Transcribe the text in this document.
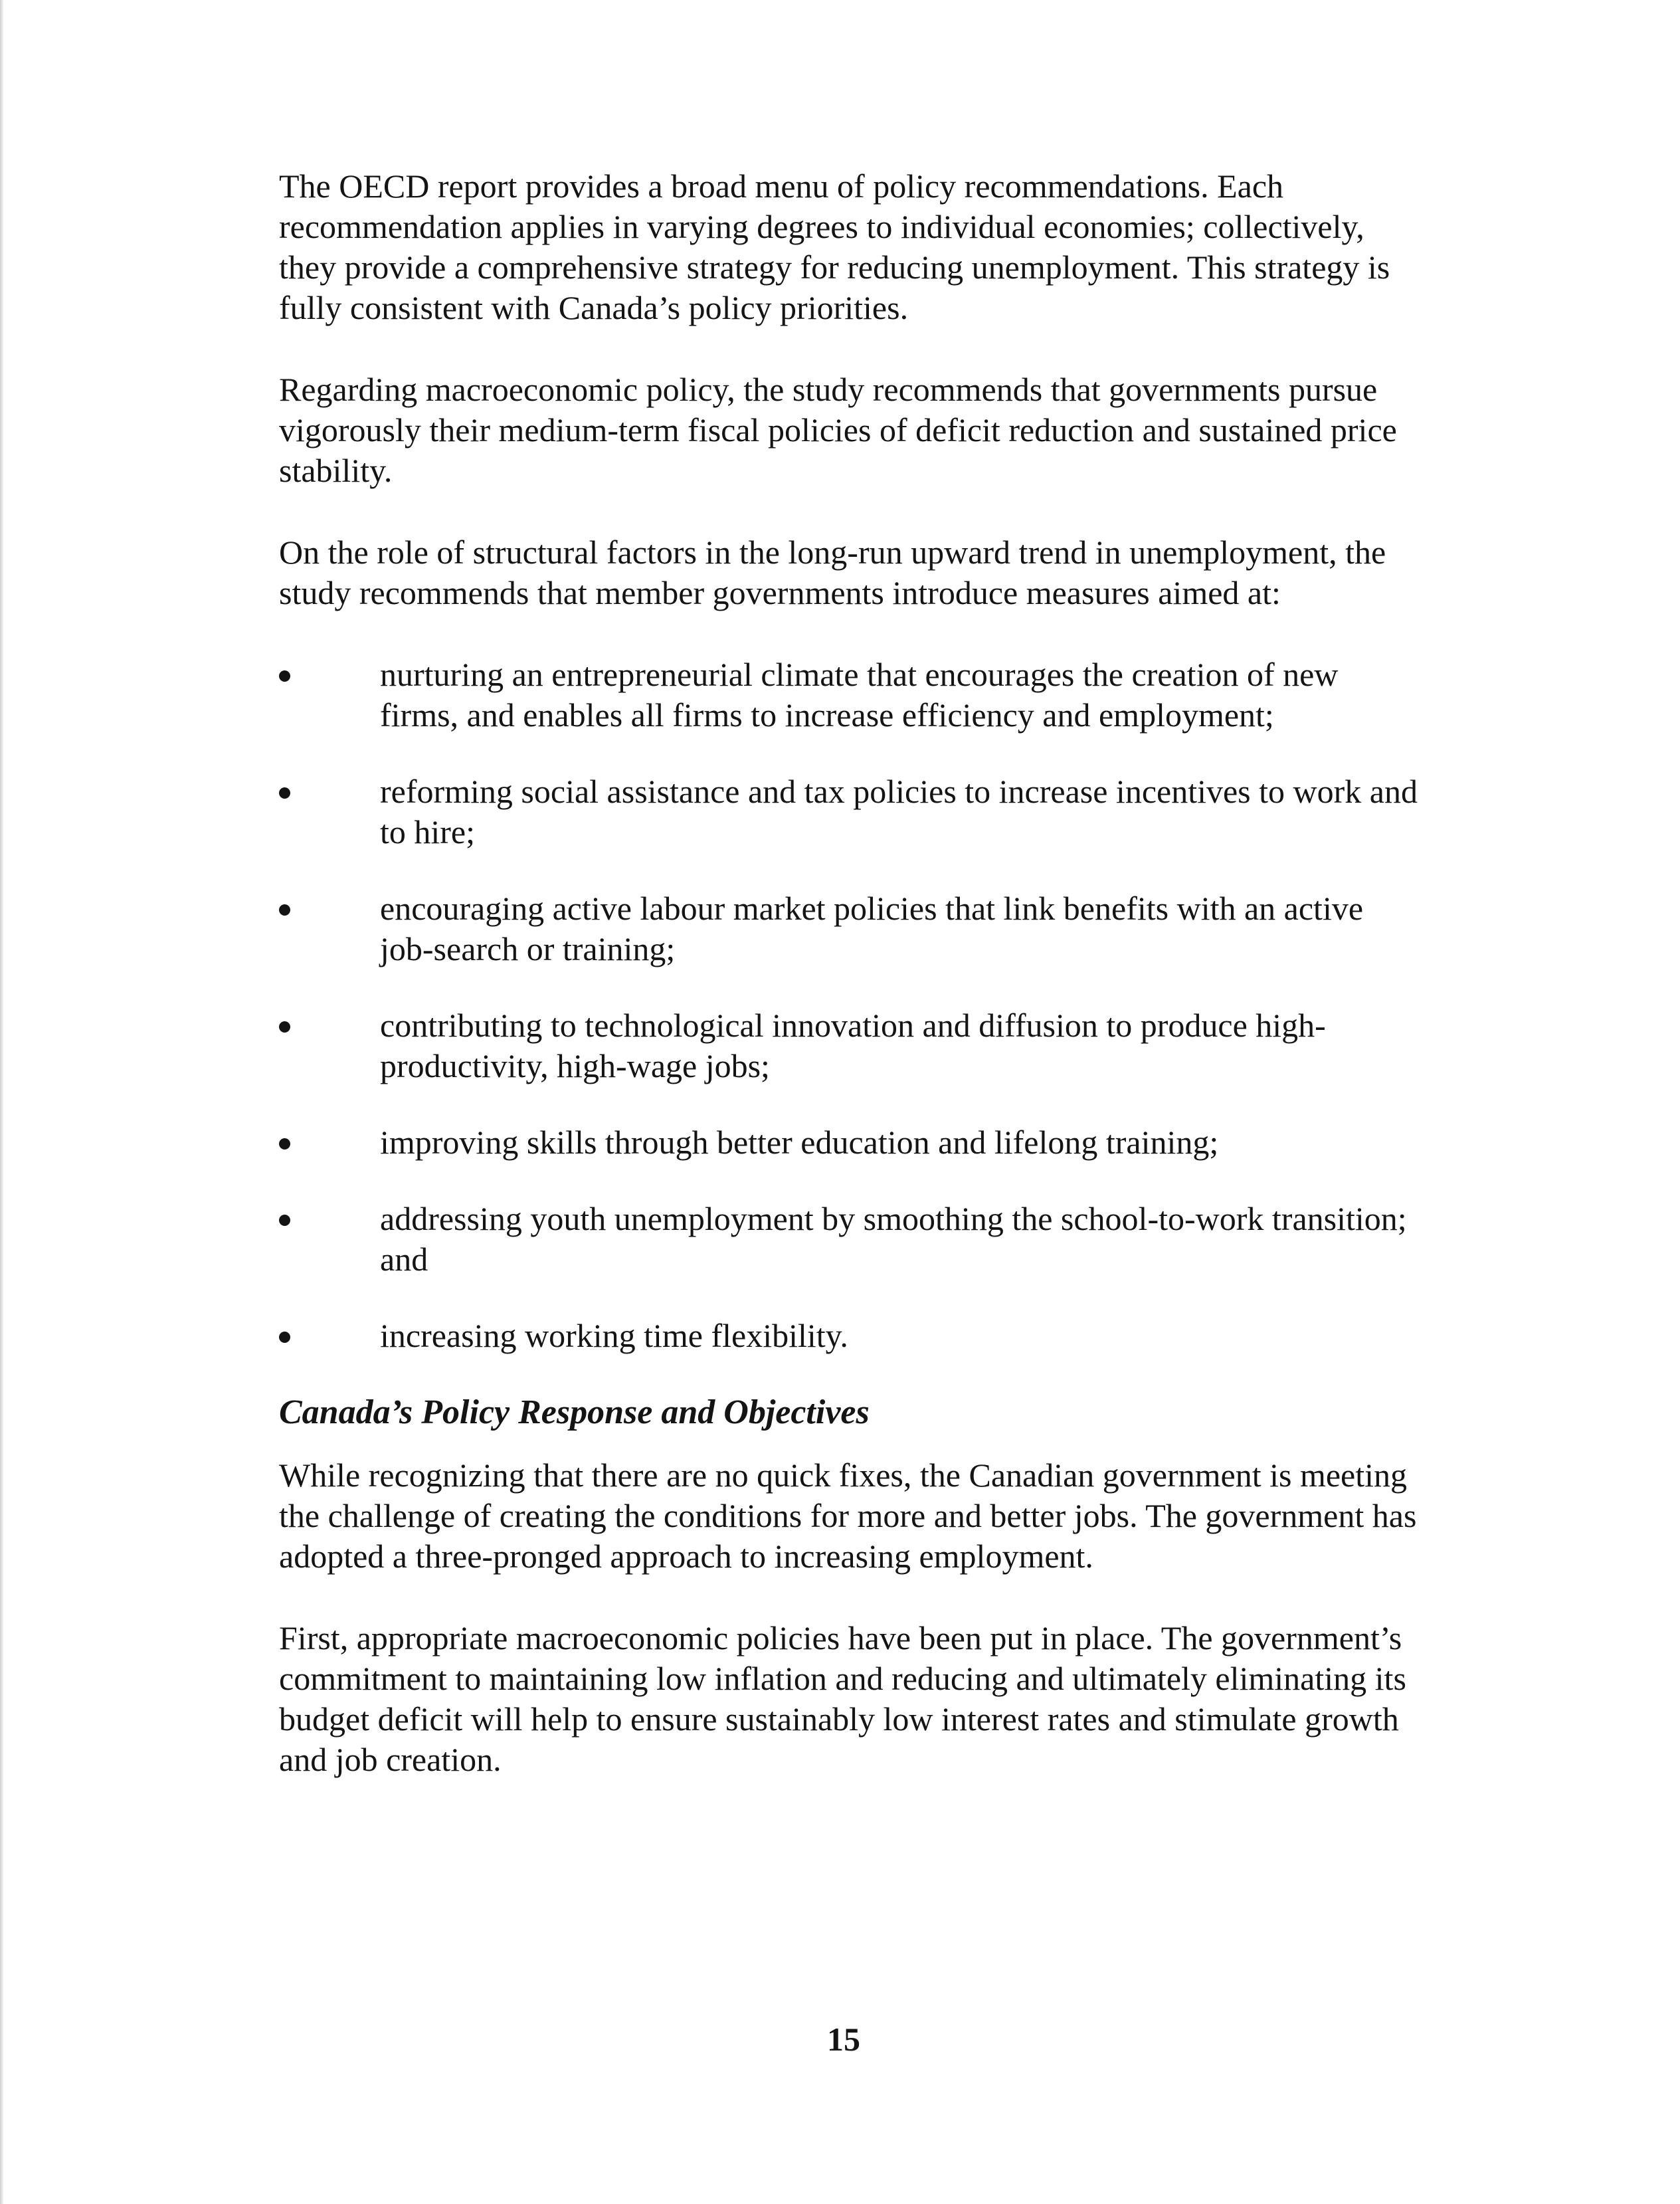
The OECD report provides a broad menu of policy recommendations. Each recommendation applies in varying degrees to individual economies; collectively, they provide a comprehensive strategy for reducing unemployment. This strategy is fully consistent with Canada’s policy priorities.

Regarding macroeconomic policy, the study recommends that governments pursue vigorously their medium-term fiscal policies of deficit reduction and sustained price stability.

On the role of structural factors in the long-run upward trend in unemployment, the study recommends that member governments introduce measures aimed at:

nurturing an entrepreneurial climate that encourages the creation of new firms, and enables all firms to increase efficiency and employment;
reforming social assistance and tax policies to increase incentives to work and to hire;
encouraging active labour market policies that link benefits with an active job-search or training;
contributing to technological innovation and diffusion to produce high-productivity, high-wage jobs;
improving skills through better education and lifelong training;
addressing youth unemployment by smoothing the school-to-work transition; and
increasing working time flexibility.
Canada’s Policy Response and Objectives

While recognizing that there are no quick fixes, the Canadian government is meeting the challenge of creating the conditions for more and better jobs. The government has adopted a three-pronged approach to increasing employment.

First, appropriate macroeconomic policies have been put in place. The government’s commitment to maintaining low inflation and reducing and ultimately eliminating its budget deficit will help to ensure sustainably low interest rates and stimulate growth and job creation.

15
